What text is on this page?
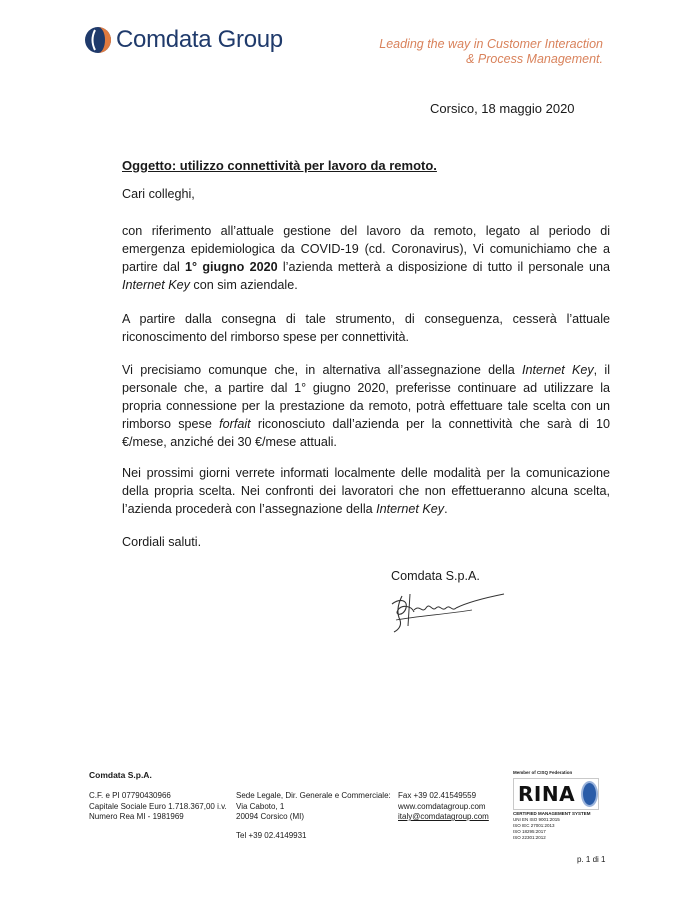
Comdata Group	Leading the way in Customer Interaction
& Process Management.
Corsico, 18 maggio 2020
Oggetto: utilizzo connettività per lavoro da remoto.
Cari colleghi,

con riferimento all’attuale gestione del lavoro da remoto, legato al periodo di emergenza epidemiologica da COVID-19 (cd. Coronavirus), Vi comunichiamo che a partire dal 1° giugno 2020 l’azienda metterà a disposizione di tutto il personale una Internet Key con sim aziendale.

A partire dalla consegna di tale strumento, di conseguenza, cesserà l’attuale riconoscimento del rimborso spese per connettività.

Vi precisiamo comunque che, in alternativa all’assegnazione della Internet Key, il personale che, a partire dal 1° giugno 2020, preferisse continuare ad utilizzare la propria connessione per la prestazione da remoto, potrà effettuare tale scelta con un rimborso spese forfait riconosciuto dall’azienda per la connettività che sarà di 10 €/mese, anziché dei 30 €/mese attuali.

Nei prossimi giorni verrete informati localmente delle modalità per la comunicazione della propria scelta. Nei confronti dei lavoratori che non effettueranno alcuna scelta, l’azienda procederà con l’assegnazione della Internet Key.

Cordiali saluti.
Comdata S.p.A.
Comdata S.p.A.
C.F. e PI 07790430966
Capitale Sociale Euro 1.718.367,00 i.v.
Numero Rea MI - 1981969
Sede Legale, Dir. Generale e Commerciale:
Via Caboto, 1
20094 Corsico (MI)
Tel +39 02.4149931
Fax +39 02.41549559
www.comdatagroup.com
italy@comdatagroup.com
Member of CISQ Federation
RINA
CERTIFIED MANAGEMENT SYSTEM
UNI EN ISO 9001:2015
ISO IEC 27001:2013
ISO 18295:2017
ISO 22301:2012
p. 1 di 1
